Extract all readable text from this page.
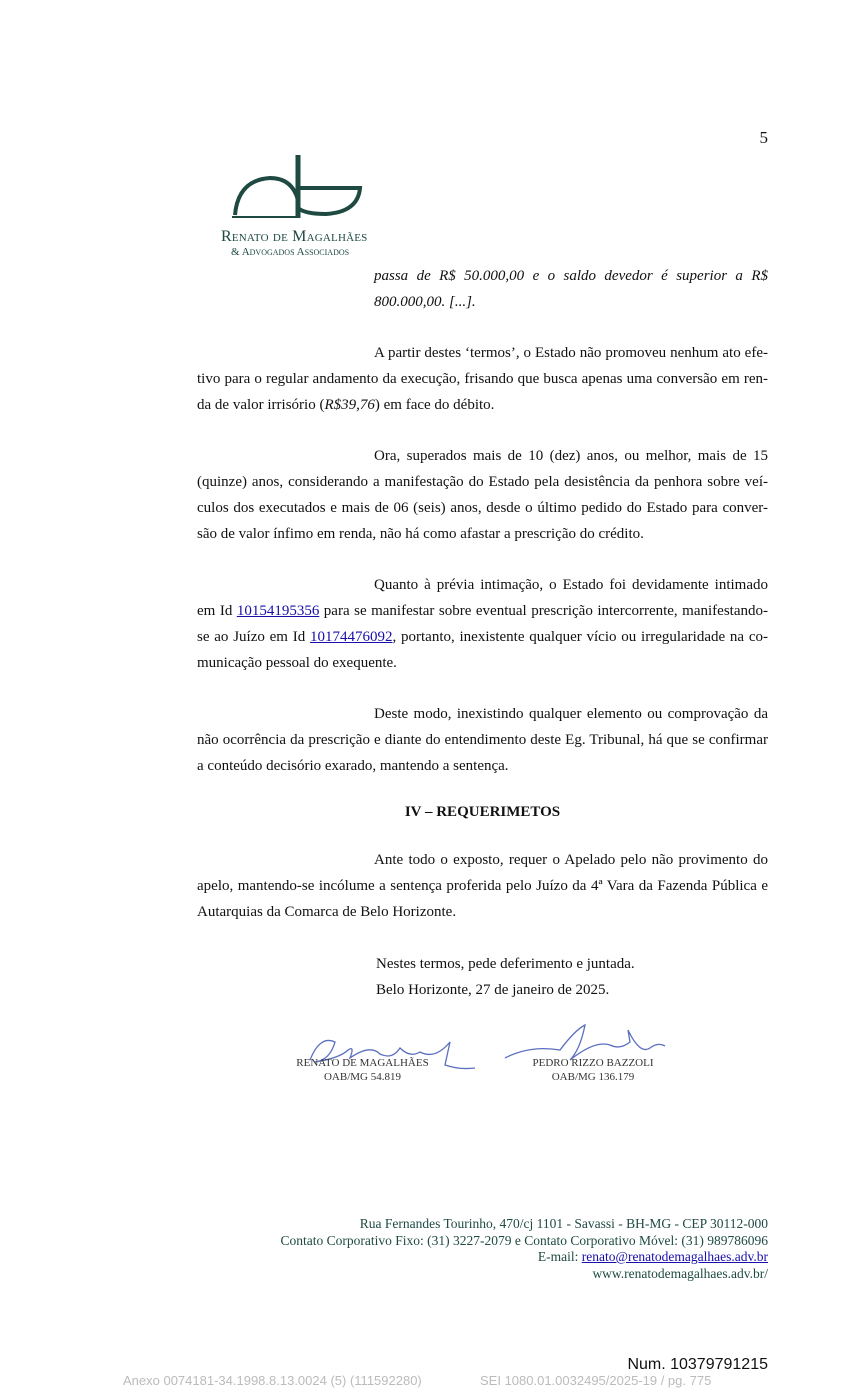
5
Renato de Magalhães
& Advogados Associados
passa de R$ 50.000,00 e o saldo devedor é superior a R$
800.000,00. [...].
A partir destes ‘termos’, o Estado não promoveu nenhum ato efe-
tivo para o regular andamento da execução, frisando que busca apenas uma conversão em ren-
da de valor irrisório (R$39,76) em face do débito.
Ora, superados mais de 10 (dez) anos, ou melhor, mais de 15
(quinze) anos, considerando a manifestação do Estado pela desistência da penhora sobre veí-
culos dos executados e mais de 06 (seis) anos, desde o último pedido do Estado para conver-
são de valor ínfimo em renda, não há como afastar a prescrição do crédito.
Quanto à prévia intimação, o Estado foi devidamente intimado
em Id 10154195356 para se manifestar sobre eventual prescrição intercorrente, manifestando-
se ao Juízo em Id 10174476092, portanto, inexistente qualquer vício ou irregularidade na co-
municação pessoal do exequente.
Deste modo, inexistindo qualquer elemento ou comprovação da
não ocorrência da prescrição e diante do entendimento deste Eg. Tribunal, há que se confirmar
a conteúdo decisório exarado, mantendo a sentença.
IV – REQUERIMETOS
Ante todo o exposto, requer o Apelado pelo não provimento do
apelo, mantendo-se incólume a sentença proferida pelo Juízo da 4ª Vara da Fazenda Pública e
Autarquias da Comarca de Belo Horizonte.
Nestes termos, pede deferimento e juntada.
Belo Horizonte, 27 de janeiro de 2025.
RENATO DE MAGALHÃES
OAB/MG 54.819
PEDRO RIZZO BAZZOLI
OAB/MG 136.179
Rua Fernandes Tourinho, 470/cj 1101 - Savassi - BH-MG - CEP 30112-000
Contato Corporativo Fixo: (31) 3227-2079 e Contato Corporativo Móvel: (31) 989786096
E-mail: renato@renatodemagalhaes.adv.br
www.renatodemagalhaes.adv.br/
Num. 10379791215
Anexo 0074181-34.1998.8.13.0024 (5) (111592280)	SEI 1080.01.0032495/2025-19 / pg. 775
